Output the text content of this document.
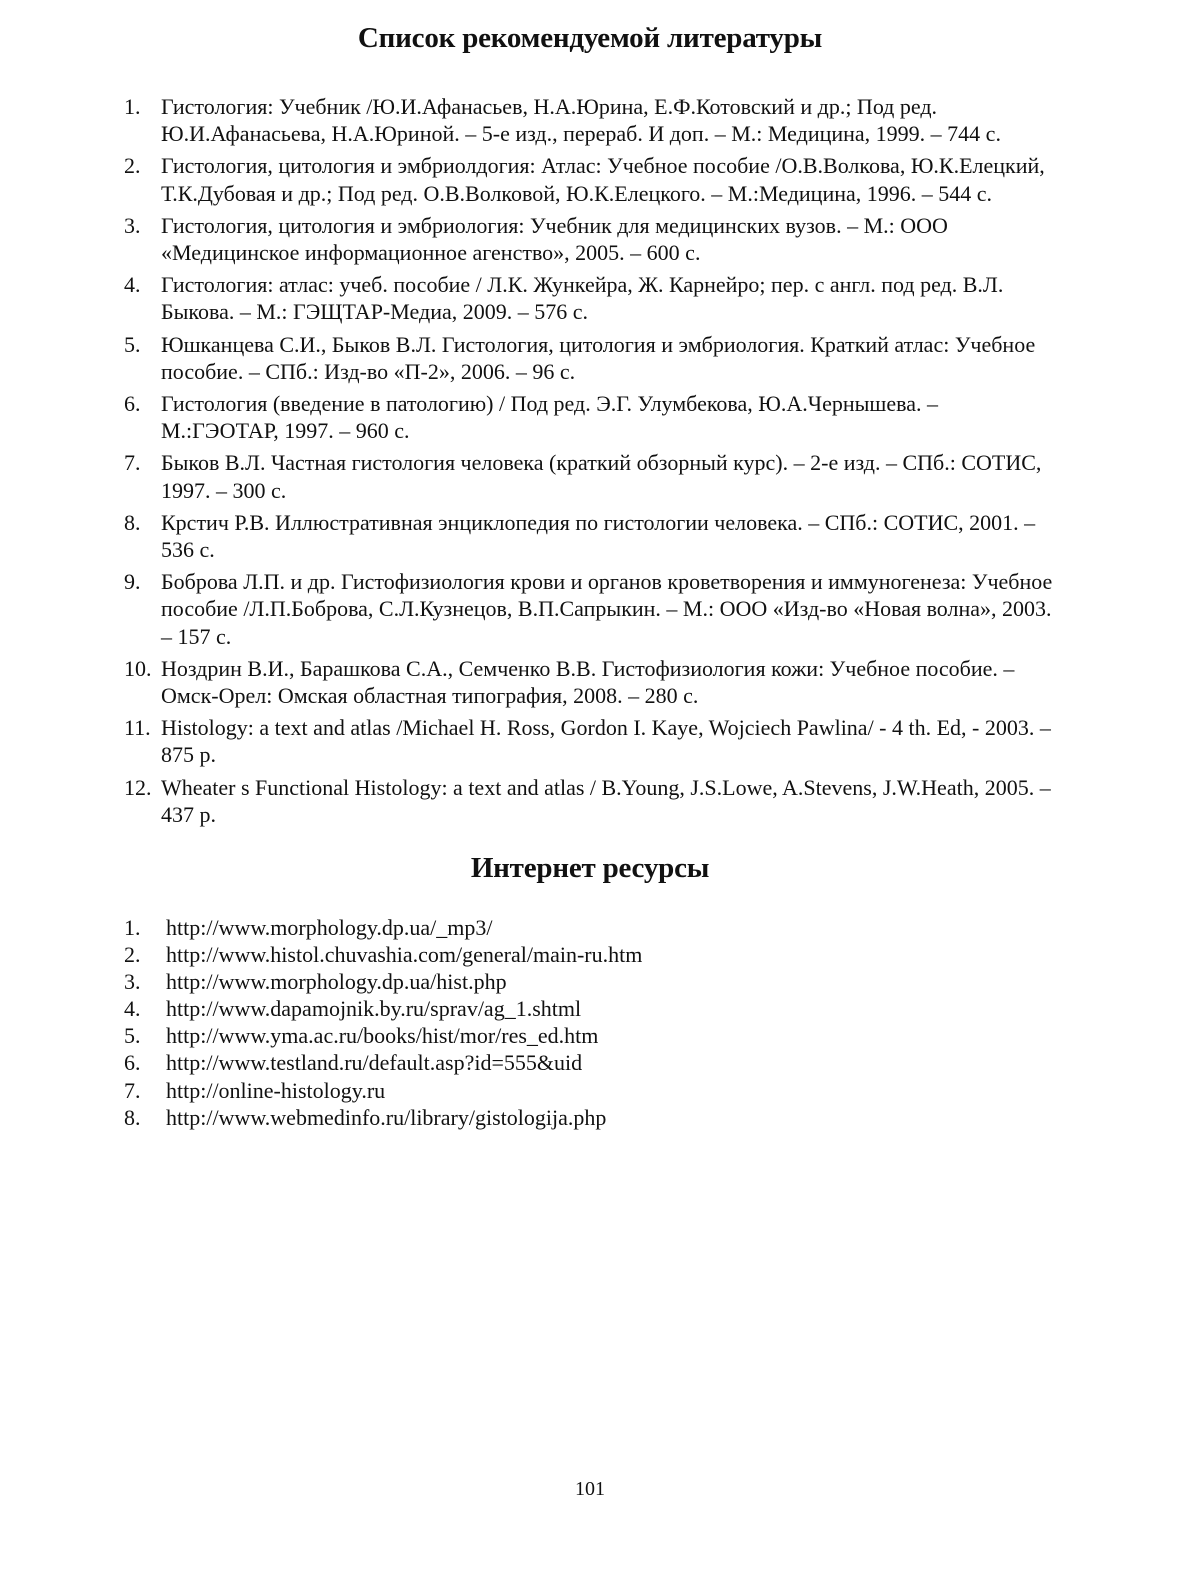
Список рекомендуемой литературы
1. Гистология: Учебник /Ю.И.Афанасьев, Н.А.Юрина, Е.Ф.Котовский и др.; Под ред. Ю.И.Афанасьева, Н.А.Юриной. – 5-е изд., перераб. И доп. – М.: Медицина, 1999. – 744 с.
2. Гистология, цитология и эмбриолдогия: Атлас: Учебное пособие /О.В.Волкова, Ю.К.Елецкий, Т.К.Дубовая и др.; Под ред. О.В.Волковой, Ю.К.Елецкого. – М.:Медицина, 1996. – 544 с.
3. Гистология, цитология и эмбриология: Учебник для медицинских вузов. – М.: ООО «Медицинское информационное агенство», 2005. – 600 с.
4. Гистология: атлас: учеб. пособие / Л.К. Жункейра, Ж. Карнейро; пер. с англ. под ред. В.Л. Быкова. – М.: ГЭЩТАР-Медиа, 2009. – 576 с.
5. Юшканцева С.И., Быков В.Л. Гистология, цитология и эмбриология. Краткий атлас: Учебное пособие. – СПб.: Изд-во «П-2», 2006. – 96 с.
6. Гистология (введение в патологию) / Под ред. Э.Г. Улумбекова, Ю.А.Чернышева. – М.:ГЭОТАР, 1997. – 960 с.
7. Быков В.Л. Частная гистология человека (краткий обзорный курс). – 2-е изд. – СПб.: СОТИС, 1997. – 300 с.
8. Крстич Р.В. Иллюстративная энциклопедия по гистологии человека. – СПб.: СОТИС, 2001. – 536 с.
9. Боброва Л.П. и др. Гистофизиология крови и органов кроветворения и иммуногенеза: Учебное пособие /Л.П.Боброва, С.Л.Кузнецов, В.П.Сапрыкин. – М.: ООО «Изд-во «Новая волна», 2003. – 157 с.
10. Ноздрин В.И., Барашкова С.А., Семченко В.В. Гистофизиология кожи: Учебное пособие. – Омск-Орел: Омская областная типография, 2008. – 280 с.
11. Histology: a text and atlas /Michael H. Ross, Gordon I. Kaye, Wojciech Pawlina/ - 4 th. Ed, - 2003. – 875 p.
12. Wheater s Functional Histology: a text and atlas / B.Young, J.S.Lowe, A.Stevens, J.W.Heath, 2005. – 437 p.
Интернет ресурсы
1. http://www.morphology.dp.ua/_mp3/
2. http://www.histol.chuvashia.com/general/main-ru.htm
3. http://www.morphology.dp.ua/hist.php
4. http://www.dapamojnik.by.ru/sprav/ag_1.shtml
5. http://www.yma.ac.ru/books/hist/mor/res_ed.htm
6. http://www.testland.ru/default.asp?id=555&uid
7. http://online-histology.ru
8. http://www.webmedinfo.ru/library/gistologija.php
101
